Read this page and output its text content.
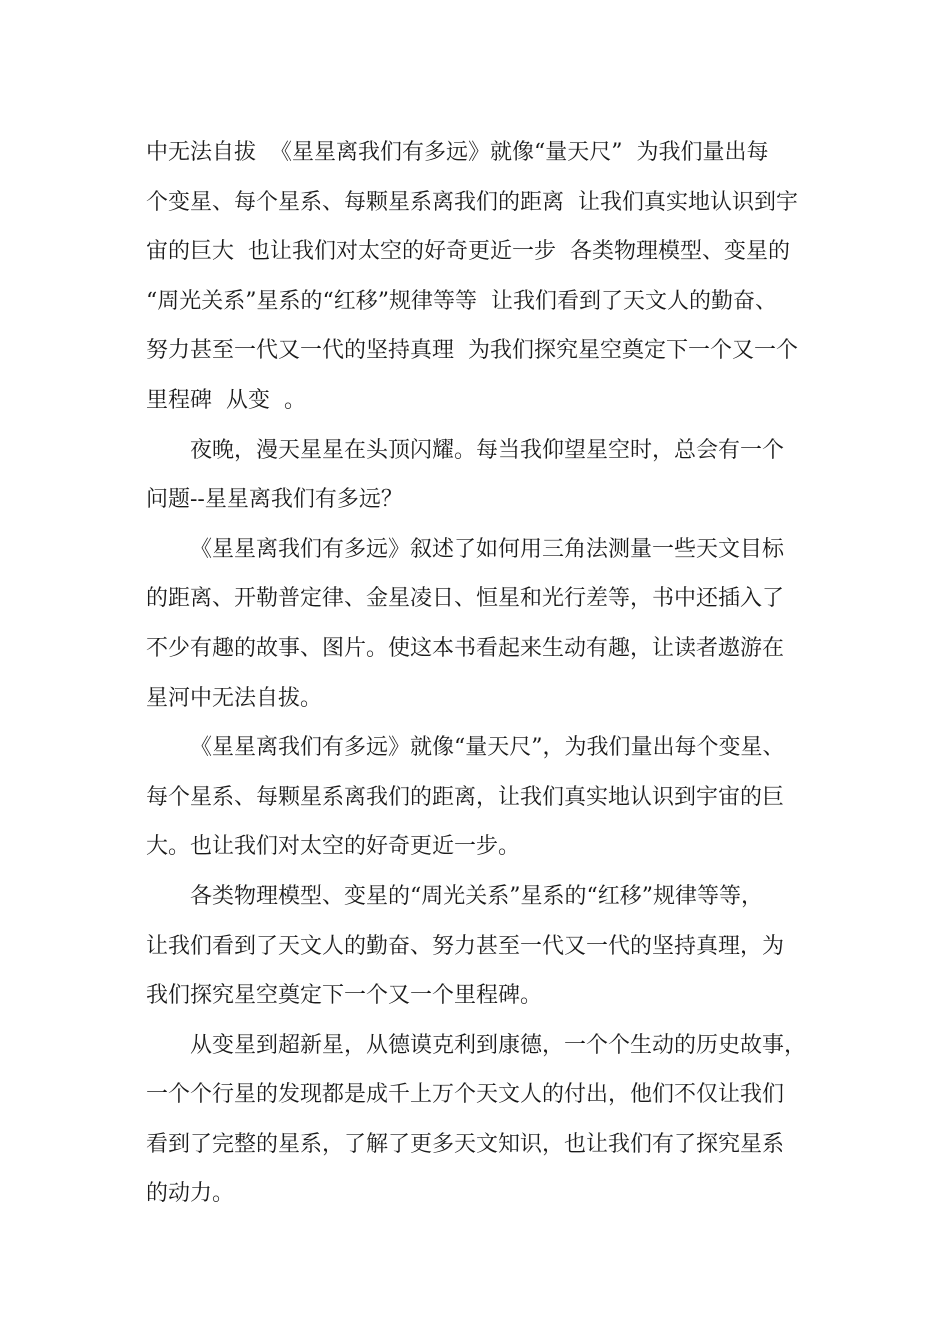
中无法自拔  《星星离我们有多远》就像“量天尺”  为我们量出每
个变星、每个星系、每颗星系离我们的距离  让我们真实地认识到宇
宙的巨大  也让我们对太空的好奇更近一步  各类物理模型、变星的
“周光关系”星系的“红移”规律等等  让我们看到了天文人的勤奋、
努力甚至一代又一代的坚持真理  为我们探究星空奠定下一个又一个
里程碑  从变  。
夜晚，漫天星星在头顶闪耀。每当我仰望星空时，总会有一个
问题--星星离我们有多远？
《星星离我们有多远》叙述了如何用三角法测量一些天文目标
的距离、开勒普定律、金星凌日、恒星和光行差等，书中还插入了
不少有趣的故事、图片。使这本书看起来生动有趣，让读者遨游在
星河中无法自拔。
《星星离我们有多远》就像“量天尺”，为我们量出每个变星、
每个星系、每颗星系离我们的距离，让我们真实地认识到宇宙的巨
大。也让我们对太空的好奇更近一步。
各类物理模型、变星的“周光关系”星系的“红移”规律等等，
让我们看到了天文人的勤奋、努力甚至一代又一代的坚持真理，为
我们探究星空奠定下一个又一个里程碑。
从变星到超新星，从德谟克利到康德，一个个生动的历史故事，
一个个行星的发现都是成千上万个天文人的付出，他们不仅让我们
看到了完整的星系，了解了更多天文知识，也让我们有了探究星系
的动力。
